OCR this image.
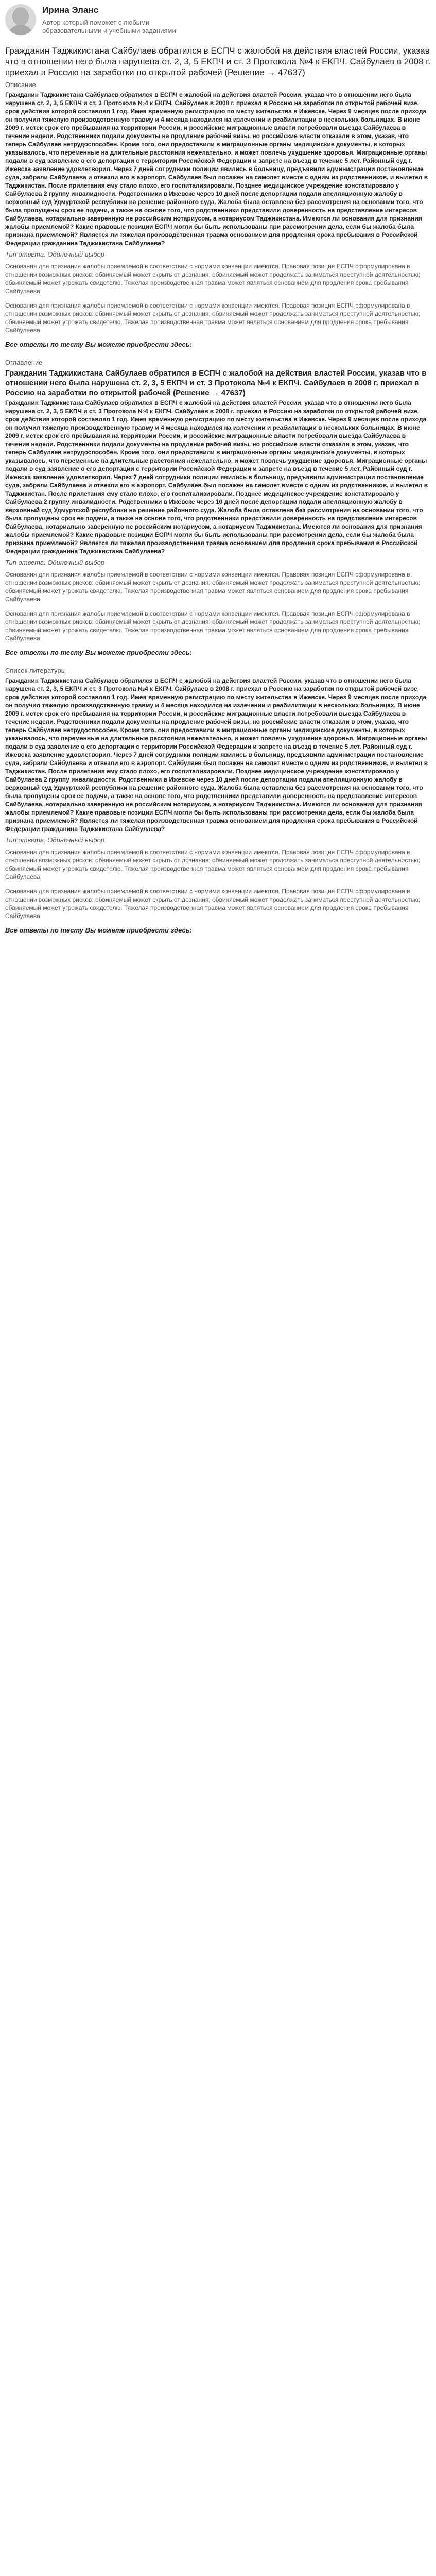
Ирина Эланс
Автор который поможет с любыми образовательными и учебными заданиями
Гражданин Таджикистана Сайбулаев обратился в ЕСПЧ с жалобой на действия властей России, указав что в отношении него была нарушена ст. 2, 3, 5 ЕКПЧ и ст. 3 Протокола №4 к ЕКПЧ. Сайбулаев в 2008 г. приехал в Россию на заработки по открытой рабочей (Решение → 47637)
Описание
Гражданин Таджикистана Сайбулаев обратился в ЕСПЧ с жалобой на действия властей России, указав что в отношении него была нарушена ст. 2, 3, 5 ЕКПЧ и ст. 3 Протокола №4 к ЕКПЧ. Сайбулаев в 2008 г. приехал в Россию на заработки по открытой рабочей визе, срок действия которой составлял 1 год. Имея временную регистрацию по месту жительства в Ижевске. Через 9 месяцев после прихода он получил тяжелую производственную травму и 4 месяца находился на излечении и реабилитации в нескольких больницах. В июне 2009 г. истек срок его пребывания на территории России, и российские миграционные власти потребовали выезда Сайбулаева в течение недели. Родственники подали документы на продление рабочей визы, но российские власти отказали в этом, указав, что теперь Сайбулаев нетрудоспособен. Кроме того, они предоставили в миграционные органы медицинские документы, в которых указывалось, что переменные на длительные расстояния нежелательно, и может повлечь ухудшение здоровья. Миграционные органы подали в суд заявление о его депортации с территории Российской Федерации и запрете на въезд в течение 5 лет. Районный суд г. Ижевска заявление удовлетворил. Через 7 дней сотрудники полиции явились в больницу, предъявили администрации постановление суда, забрали Сайбулаева и отвезли его в аэропорт. Сайбулаев был посажен на самолет вместе с одним из родственников, и вылетел в Таджикистан. После прилетания ему стало плохо, его госпитализировали. Позднее медицинское учреждение констатировало у Сайбулаева 2 группу инвалидности. Родственники в Ижевске через 10 дней после депортации подали апелляционную жалобу в верховный суд Удмуртской республики на решение районного суда. Жалоба была оставлена без рассмотрения на основании того, что была пропущены срок ее подачи, а также на основе того, что родственники представили доверенность на представление интересов Сайбулаева, нотариально заверенную не российским нотариусом, а нотариусом Таджикистана. Имеются ли основания для признания жалобы приемлемой? Какие правовые позиции ЕСПЧ могли бы быть использованы при рассмотрении дела, если бы жалоба была признана приемлемой? Является ли тяжелая производственная травма основанием для продления срока пребывания в Российской Федерации гражданина Таджикистана Сайбулаева?
Тип ответа: Одиночный выбор

Основания для признания жалобы приемлемой в соответствии с нормами конвенции имеются. Правовая позиция ЕСПЧ сформулирована в отношении возможных рисков: обвиняемый может скрыть от дознания; обвиняемый может продолжать заниматься преступной деятельностью; обвиняемый может угрожать свидетелю. Тяжелая производственная травма может являться основанием для продления срока пребывания Сайбулаева

Основания для признания жалобы приемлемой в соответствии с нормами конвенции имеются. Правовая позиция ЕСПЧ сформулирована в отношении возможных рисков: обвиняемый может скрыть от дознания; обвиняемый может продолжать заниматься преступной деятельностью; обвиняемый может угрожать свидетелю. Тяжелая производственная травма может являться основанием для продления срока пребывания Сайбулаева

Все ответы по тесту Вы можете приобрести здесь:
Оглавление
Гражданин Таджикистана Сайбулаев обратился в ЕСПЧ с жалобой на действия властей России, указав что в отношении него была нарушена ст. 2, 3, 5 ЕКПЧ и ст. 3 Протокола №4 к ЕКПЧ. Сайбулаев в 2008 г. приехал в Россию на заработки по открытой рабочей (Решение → 47637)
Гражданин Таджикистана Сайбулаев обратился в ЕСПЧ с жалобой на действия властей России, указав что в отношении него была нарушена ст. 2, 3, 5 ЕКПЧ и ст. 3 Протокола №4 к ЕКПЧ. Сайбулаев в 2008 г. приехал в Россию на заработки по открытой рабочей визе, срок действия которой составлял 1 год. Имея временную регистрацию по месту жительства в Ижевске. Через 9 месяцев после прихода он получил тяжелую производственную травму и 4 месяца находился на излечении и реабилитации в нескольких больницах. В июне 2009 г. истек срок его пребывания на территории России, и российские миграционные власти потребовали выезда Сайбулаева в течение недели. Родственники подали документы на продление рабочей визы, но российские власти отказали в этом, указав, что теперь Сайбулаев нетрудоспособен. Кроме того, они предоставили в миграционные органы медицинские документы, в которых указывалось, что переменные на длительные расстояния нежелательно, и может повлечь ухудшение здоровья. Миграционные органы подали в суд заявление о его депортации с территории Российской Федерации и запрете на въезд в течение 5 лет. Районный суд г. Ижевска заявление удовлетворил. Через 7 дней сотрудники полиции явились в больницу, предъявили администрации постановление суда, забрали Сайбулаева и отвезли его в аэропорт. Сайбулаев был посажен на самолет вместе с одним из родственников, и вылетел в Таджикистан. После прилетания ему стало плохо, его госпитализировали. Позднее медицинское учреждение констатировало у Сайбулаева 2 группу инвалидности. Родственники в Ижевске через 10 дней после депортации подали апелляционную жалобу в верховный суд Удмуртской республики на решение районного суда. Жалоба была оставлена без рассмотрения на основании того, что была пропущены срок ее подачи, а также на основе того, что родственники представили доверенность на представление интересов Сайбулаева, нотариально заверенную не российским нотариусом, а нотариусом Таджикистана. Имеются ли основания для признания жалобы приемлемой? Какие правовые позиции ЕСПЧ могли бы быть использованы при рассмотрении дела, если бы жалоба была признана приемлемой? Является ли тяжелая производственная травма основанием для продления срока пребывания в Российской Федерации гражданина Таджикистана Сайбулаева?
Тип ответа: Одиночный выбор

Основания для признания жалобы приемлемой в соответствии с нормами конвенции имеются. Правовая позиция ЕСПЧ сформулирована в отношении возможных рисков: обвиняемый может скрыть от дознания; обвиняемый может продолжать заниматься преступной деятельностью; обвиняемый может угрожать свидетелю. Тяжелая производственная травма может являться основанием для продления срока пребывания Сайбулаева

Основания для признания жалобы приемлемой в соответствии с нормами конвенции имеются. Правовая позиция ЕСПЧ сформулирована в отношении возможных рисков: обвиняемый может скрыть от дознания; обвиняемый может продолжать заниматься преступной деятельностью; обвиняемый может угрожать свидетелю. Тяжелая производственная травма может являться основанием для продления срока пребывания Сайбулаева

Все ответы по тесту Вы можете приобрести здесь:
Список литературы
Гражданин Таджикистана Сайбулаев обратился в ЕСПЧ с жалобой на действия властей России, указав что в отношении него была нарушена ст. 2, 3, 5 ЕКПЧ и ст. 3 Протокола №4 к ЕКПЧ. Сайбулаев в 2008 г. приехал в Россию на заработки по открытой рабочей визе, срок действия которой составлял 1 год. Имея временную регистрацию по месту жительства в Ижевске. Через 9 месяцев после прихода он получил тяжелую производственную травму и 4 месяца находился на излечении и реабилитации в нескольких больницах. В июне 2009 г. истек срок его пребывания на территории России, и российские миграционные власти потребовали выезда Сайбулаева в течение недели. Родственники подали документы на продление рабочей визы, но российские власти отказали в этом, указав, что теперь Сайбулаев нетрудоспособен. Кроме того, они предоставили в миграционные органы медицинские документы, в которых указывалось, что переменные на длительные расстояния нежелательно, и может повлечь ухудшение здоровья. Миграционные органы подали в суд заявление о его депортации с территории Российской Федерации и запрете на въезд в течение 5 лет. Районный суд г. Ижевска заявление удовлетворил. Через 7 дней сотрудники полиции явились в больницу, предъявили администрации постановление суда, забрали Сайбулаева и отвезли его в аэропорт. Сайбулаев был посажен на самолет вместе с одним из родственников, и вылетел в Таджикистан. После прилетания ему стало плохо, его госпитализировали. Позднее медицинское учреждение констатировало у Сайбулаева 2 группу инвалидности. Родственники в Ижевске через 10 дней после депортации подали апелляционную жалобу в верховный суд Удмуртской республики на решение районного суда. Жалоба была оставлена без рассмотрения на основании того, что была пропущены срок ее подачи, а также на основе того, что родственники представили доверенность на представление интересов Сайбулаева, нотариально заверенную не российским нотариусом, а нотариусом Таджикистана. Имеются ли основания для признания жалобы приемлемой? Какие правовые позиции ЕСПЧ могли бы быть использованы при рассмотрении дела, если бы жалоба была признана приемлемой? Является ли тяжелая производственная травма основанием для продления срока пребывания в Российской Федерации гражданина Таджикистана Сайбулаева?
Тип ответа: Одиночный выбор

Основания для признания жалобы приемлемой в соответствии с нормами конвенции имеются. Правовая позиция ЕСПЧ сформулирована в отношении возможных рисков: обвиняемый может скрыть от дознания; обвиняемый может продолжать заниматься преступной деятельностью; обвиняемый может угрожать свидетелю. Тяжелая производственная травма может являться основанием для продления срока пребывания Сайбулаева

Основания для признания жалобы приемлемой в соответствии с нормами конвенции имеются. Правовая позиция ЕСПЧ сформулирована в отношении возможных рисков: обвиняемый может скрыть от дознания; обвиняемый может продолжать заниматься преступной деятельностью; обвиняемый может угрожать свидетелю. Тяжелая производственная травма может являться основанием для продления срока пребывания Сайбулаева

Все ответы по тесту Вы можете приобрести здесь:
